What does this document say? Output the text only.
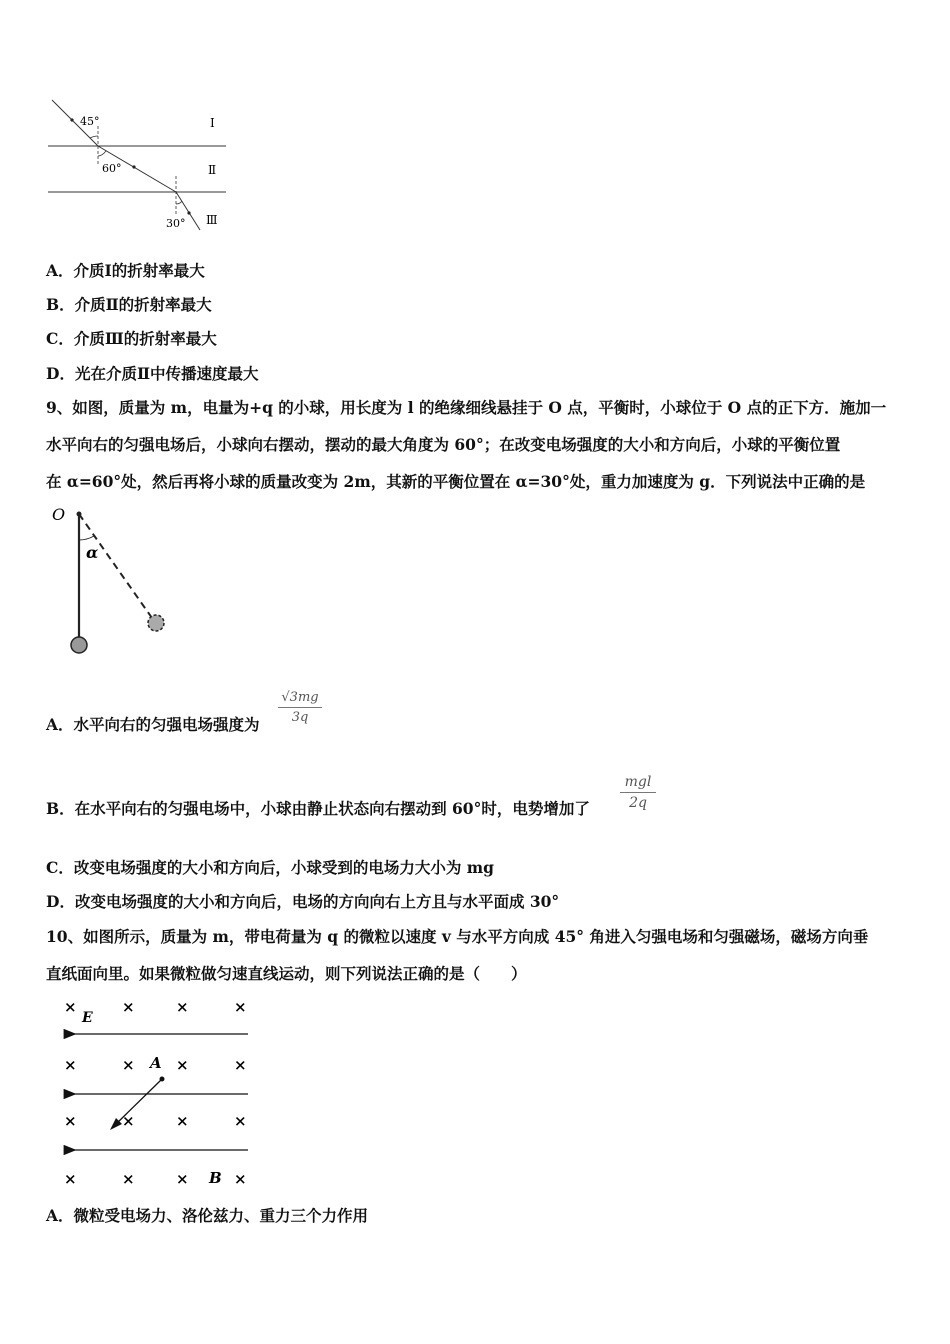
45°
60°
30°
Ⅰ
Ⅱ
Ⅲ
A．介质Ⅰ的折射率最大
B．介质Ⅱ的折射率最大
C．介质Ⅲ的折射率最大
D．光在介质Ⅱ中传播速度最大
9、如图，质量为 m，电量为+q 的小球，用长度为 l 的绝缘细线悬挂于 O 点，平衡时，小球位于 O 点的正下方．施加一
水平向右的匀强电场后，小球向右摆动，摆动的最大角度为 60°；在改变电场强度的大小和方向后，小球的平衡位置
在 α=60°处，然后再将小球的质量改变为 2m，其新的平衡位置在 α=30°处，重力加速度为 g．下列说法中正确的是
O
α
A．水平向右的匀强电场强度为
√3mg
3q
B．在水平向右的匀强电场中，小球由静止状态向右摆动到 60°时，电势增加了
mgl
2q
C．改变电场强度的大小和方向后，小球受到的电场力大小为 mg
D．改变电场强度的大小和方向后，电场的方向向右上方且与水平面成 30°
10、如图所示，质量为 m，带电荷量为 q 的微粒以速度 v 与水平方向成 45° 角进入匀强电场和匀强磁场，磁场方向垂
直纸面向里。如果微粒做匀速直线运动，则下列说法正确的是（　　）
E
A
B
×	×	×	×
×	×	×	×
×	×	×	×
×	×	×	×
A．微粒受电场力、洛伦兹力、重力三个力作用
